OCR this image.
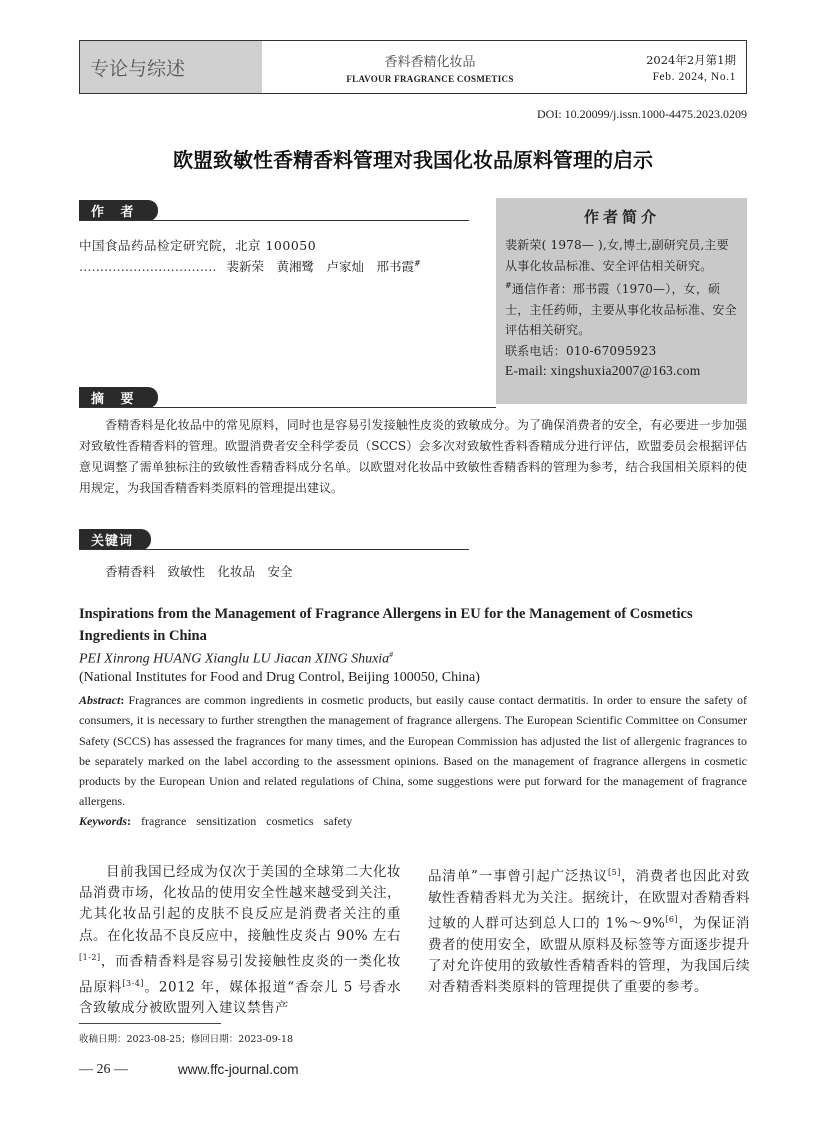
专论与综述	香料香精化妆品
FLAVOUR FRAGRANCE COSMETICS
2024年2月第1期
Feb. 2024, No.1
DOI: 10.20099/j.issn.1000-4475.2023.0209
欧盟致敏性香精香料管理对我国化妆品原料管理的启示
作 者
中国食品药品检定研究院，北京 100050
…………………………… 裴新荣　黄湘鹭　卢家灿　邢书霞#
作者简介
裴新荣( 1978— ),女,博士,副研究员,主要从事化妆品标准、安全评估相关研究。
#通信作者：邢书霞（1970—），女，硕士，主任药师，主要从事化妆品标准、安全评估相关研究。
联系电话：010-67095923
E-mail: xingshuxia2007@163.com
摘 要
香精香料是化妆品中的常见原料，同时也是容易引发接触性皮炎的致敏成分。为了确保消费者的安全，有必要进一步加强对致敏性香精香料的管理。欧盟消费者安全科学委员（SCCS）会多次对致敏性香料香精成分进行评估，欧盟委员会根据评估意见调整了需单独标注的致敏性香精香料成分名单。以欧盟对化妆品中致敏性香精香料的管理为参考，结合我国相关原料的使用规定，为我国香精香料类原料的管理提出建议。
关键词
香精香料　致敏性　化妆品　安全
Inspirations from the Management of Fragrance Allergens in EU for the Management of Cosmetics Ingredients in China
PEI Xinrong HUANG Xianglu LU Jiacan XING Shuxia#
(National Institutes for Food and Drug Control, Beijing 100050, China)
Abstract: Fragrances are common ingredients in cosmetic products, but easily cause contact dermatitis. In order to ensure the safety of consumers, it is necessary to further strengthen the management of fragrance allergens. The European Scientific Committee on Consumer Safety (SCCS) has assessed the fragrances for many times, and the European Commission has adjusted the list of allergenic fragrances to be separately marked on the label according to the assessment opinions. Based on the management of fragrance allergens in cosmetic products by the European Union and related regulations of China, some suggestions were put forward for the management of fragrance allergens.
Keywords: fragrance sensitization cosmetics safety
目前我国已经成为仅次于美国的全球第二大化妆品消费市场，化妆品的使用安全性越来越受到关注，尤其化妆品引起的皮肤不良反应是消费者关注的重点。在化妆品不良反应中，接触性皮炎占 90% 左右[1-2]，而香精香料是容易引发接触性皮炎的一类化妆品原料[3-4]。2012 年，媒体报道“香奈儿 5 号香水含致敏成分被欧盟列入建议禁售产
品清单”一事曾引起广泛热议[5]，消费者也因此对致敏性香精香料尤为关注。据统计，在欧盟对香精香料过敏的人群可达到总人口的 1%～9%[6]，为保证消费者的使用安全，欧盟从原料及标签等方面逐步提升了对允许使用的致敏性香精香料的管理，为我国后续对香精香料类原料的管理提供了重要的参考。
收稿日期：2023-08-25；修回日期：2023-09-18
— 26 —	www.ffc-journal.com
